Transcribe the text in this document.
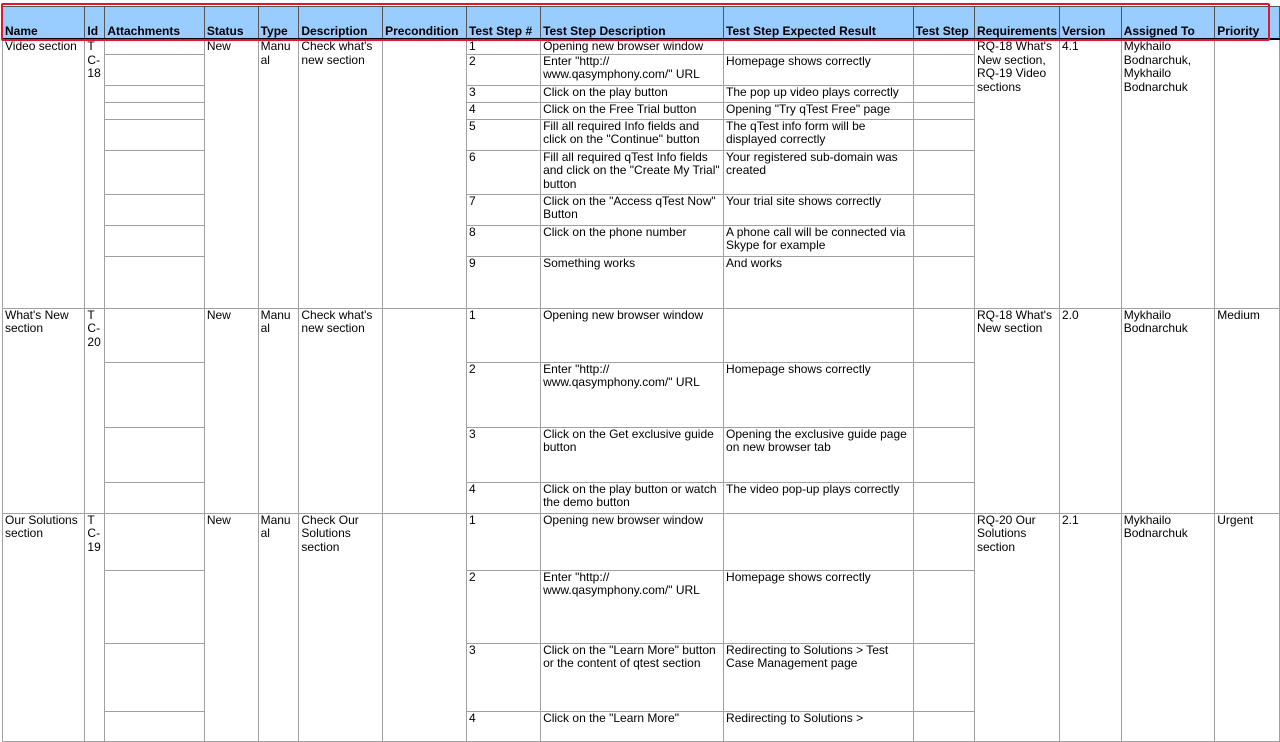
Name	Id	Attachments	Status	Type	Description	Precondition	Test Step #	Test Step Description	Test Step Expected Result	Test Step	Requirements	Version	Assigned To	Priority
Video section	TC-18		New	Manual	Check what's new section		1	Opening new browser window			RQ-18 What's New section, RQ-19 Video sections	4.1	Mykhailo Bodnarchuk, Mykhailo Bodnarchuk	
							2	Enter "http:// www.qasymphony.com/" URL	Homepage shows correctly					
							3	Click on the play button	The pop up video plays correctly					
							4	Click on the Free Trial button	Opening "Try qTest Free" page					
							5	Fill all required Info fields and click on the "Continue" button	The qTest info form will be displayed correctly					
							6	Fill all required qTest Info fields and click on the "Create My Trial" button	Your registered sub-domain was created					
							7	Click on the "Access qTest Now" Button	Your trial site shows correctly					
							8	Click on the phone number	A phone call will be connected via Skype for example					
							9	Something works	And works					
What's New section	TC-20		New	Manual	Check what's new section		1	Opening new browser window			RQ-18 What's New section	2.0	Mykhailo Bodnarchuk	Medium
							2	Enter "http:// www.qasymphony.com/" URL	Homepage shows correctly					
							3	Click on the Get exclusive guide button	Opening the exclusive guide page on new browser tab					
							4	Click on the play button or watch the demo button	The video pop-up plays correctly					
Our Solutions section	TC-19		New	Manual	Check Our Solutions section		1	Opening new browser window			RQ-20 Our Solutions section	2.1	Mykhailo Bodnarchuk	Urgent
							2	Enter "http:// www.qasymphony.com/" URL	Homepage shows correctly					
							3	Click on the "Learn More" button or the content of qtest section	Redirecting to Solutions > Test Case Management page					
							4	Click on the "Learn More"	Redirecting to Solutions >					
